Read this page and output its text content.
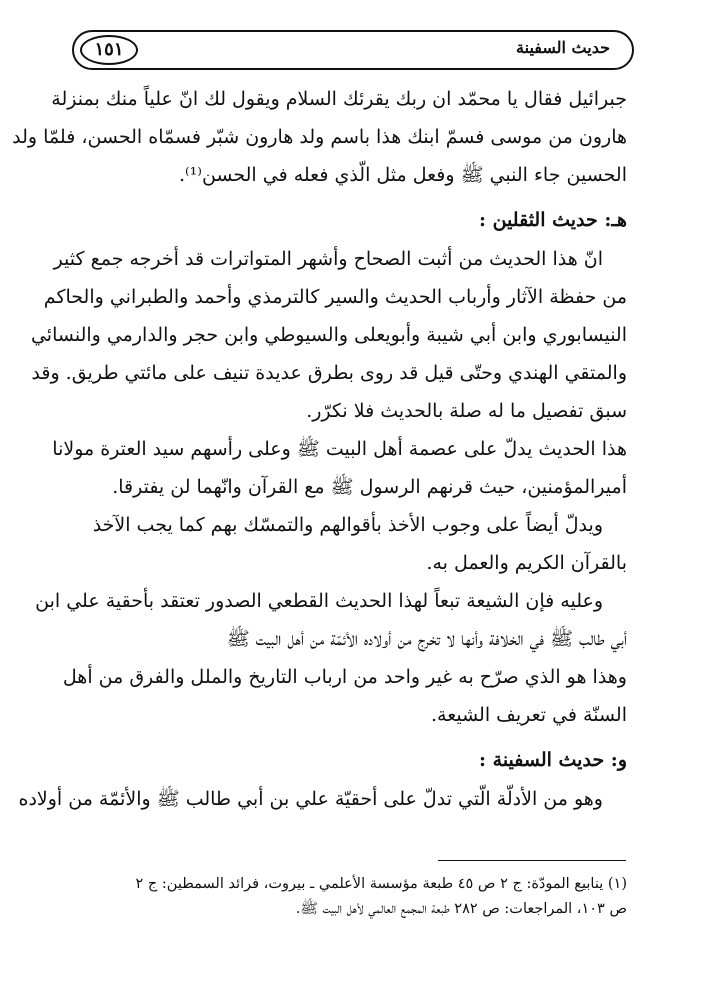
حديث السفينة
١٥١
جبرائيل فقال يا محمّد ان ربك يقرئك السلام ويقول لك انّ علياً منك بمنزلة
هارون من موسى فسمّ ابنك هذا باسم ولد هارون شبّر فسمّاه الحسن، فلمّا ولد
الحسين جاء النبي ﷺ وفعل مثل الّذي فعله في الحسن⁽¹⁾.
هـ: حديث الثقلين :
انّ هذا الحديث من أثبت الصحاح وأشهر المتواترات قد أخرجه جمع كثير
من حفظة الآثار وأرباب الحديث والسير كالترمذي وأحمد والطبراني والحاكم
النيسابوري وابن أبي شيبة وأبويعلى والسيوطي وابن حجر والدارمي والنسائي
والمتقي الهندي وحتّى قيل قد روى بطرق عديدة تنيف على مائتي طريق. وقد
سبق تفصيل ما له صلة بالحديث فلا نكرّر.
هذا الحديث يدلّ على عصمة أهل البيت ﷺ وعلى رأسهم سيد العترة مولانا
أميرالمؤمنين، حيث قرنهم الرسول ﷺ مع القرآن وانّهما لن يفترقا.
ويدلّ أيضاً على وجوب الأخذ بأقوالهم والتمسّك بهم كما يجب الآخذ
بالقرآن الكريم والعمل به.
وعليه فإن الشيعة تبعاً لهذا الحديث القطعي الصدور تعتقد بأحقية علي ابن
أبي طالب ﷺ في الخلافة وأنها لا تخرج من أولاده الأئمّة من أهل البيت ﷺ
وهذا هو الذي صرّح به غير واحد من ارباب التاريخ والملل والفرق من أهل
السنّة في تعريف الشيعة.
و: حديث السفينة :
وهو من الأدلّة الّتي تدلّ على أحقيّة علي بن أبي طالب ﷺ والأئمّة من أولاده
(١) ينابيع المودّة: ج ٢ ص ٤٥ طبعة مؤسسة الأعلمي ـ بيروت، فرائد السمطين: ج ٢
ص ١٠٣، المراجعات: ص ٢٨٢ طبعة المجمع العالمي لأهل البيت ﷺ.
